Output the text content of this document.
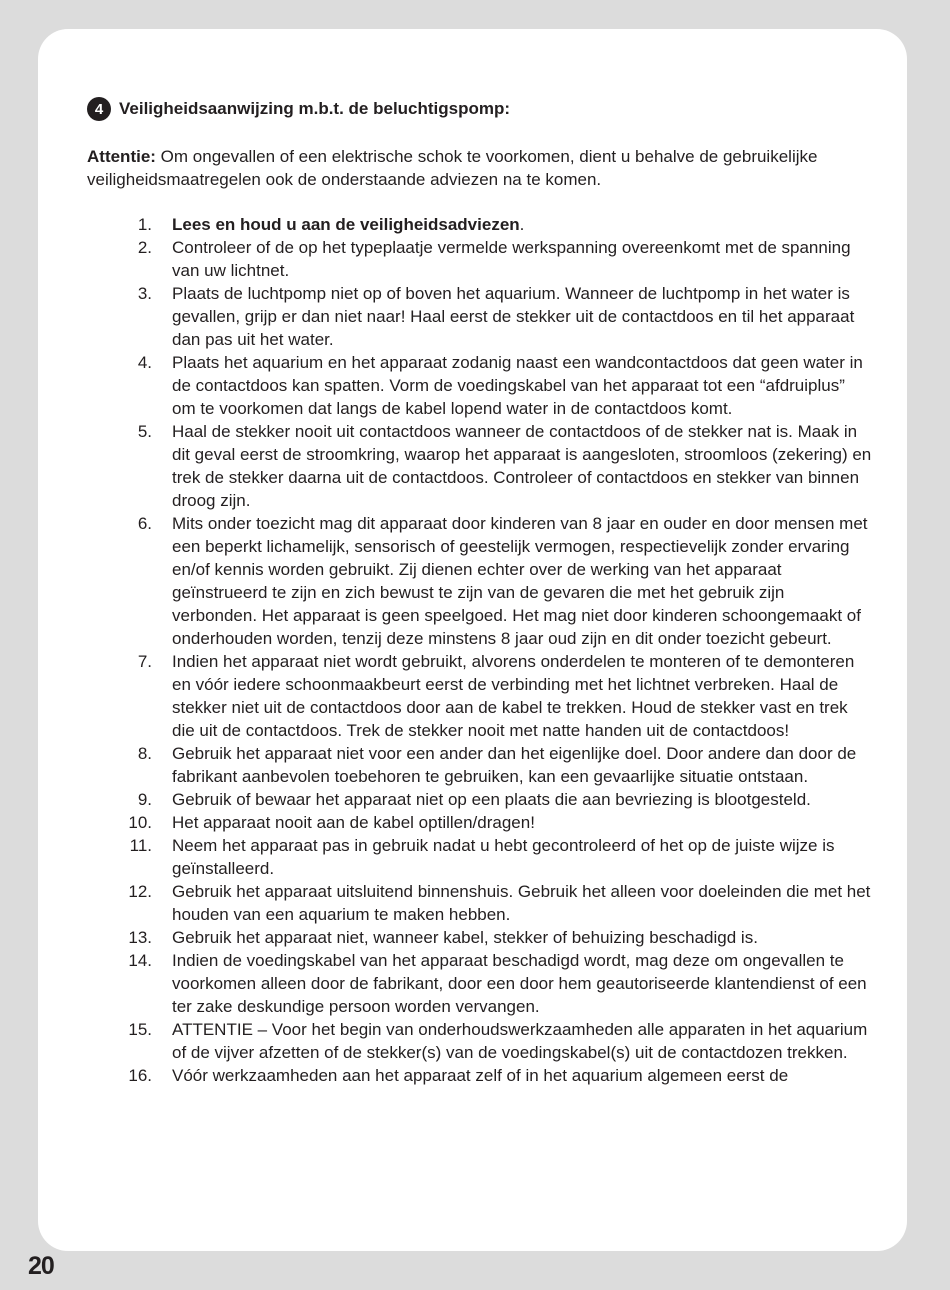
4 Veiligheidsaanwijzing m.b.t. de beluchtigspomp:
Attentie: Om ongevallen of een elektrische schok te voorkomen, dient u behalve de gebruikelijke veiligheidsmaatregelen ook de onderstaande adviezen na te komen.
1. Lees en houd u aan de veiligheidsadviezen.
2. Controleer of de op het typeplaatje vermelde werkspanning overeenkomt met de spanning van uw lichtnet.
3. Plaats de luchtpomp niet op of boven het aquarium. Wanneer de luchtpomp in het water is gevallen, grijp er dan niet naar! Haal eerst de stekker uit de contactdoos en til het apparaat dan pas uit het water.
4. Plaats het aquarium en het apparaat zodanig naast een wandcontactdoos dat geen water in de contactdoos kan spatten. Vorm de voedingskabel van het apparaat tot een “afdruiplus” om te voorkomen dat langs de kabel lopend water in de contactdoos komt.
5. Haal de stekker nooit uit contactdoos wanneer de contactdoos of de stekker nat is. Maak in dit geval eerst de stroomkring, waarop het apparaat is aangesloten, stroomloos (zekering) en trek de stekker daarna uit de contactdoos. Controleer of contactdoos en stekker van binnen droog zijn.
6. Mits onder toezicht mag dit apparaat door kinderen van 8 jaar en ouder en door mensen met een beperkt lichamelijk, sensorisch of geestelijk vermogen, respectievelijk zonder ervaring en/of kennis worden gebruikt. Zij dienen echter over de werking van het apparaat geïnstrueerd te zijn en zich bewust te zijn van de gevaren die met het gebruik zijn verbonden. Het apparaat is geen speelgoed. Het mag niet door kinderen schoongemaakt of onderhouden worden, tenzij deze minstens 8 jaar oud zijn en dit onder toezicht gebeurt.
7. Indien het apparaat niet wordt gebruikt, alvorens onderdelen te monteren of te demonteren en vóór iedere schoonmaakbeurt eerst de verbinding met het lichtnet verbreken. Haal de stekker niet uit de contactdoos door aan de kabel te trekken. Houd de stekker vast en trek die uit de contactdoos. Trek de stekker nooit met natte handen uit de contactdoos!
8. Gebruik het apparaat niet voor een ander dan het eigenlijke doel. Door andere dan door de fabrikant aanbevolen toebehoren te gebruiken, kan een gevaarlijke situatie ontstaan.
9. Gebruik of bewaar het apparaat niet op een plaats die aan bevriezing is blootgesteld.
10. Het apparaat nooit aan de kabel optillen/dragen!
11. Neem het apparaat pas in gebruik nadat u hebt gecontroleerd of het op de juiste wijze is geïnstalleerd.
12. Gebruik het apparaat uitsluitend binnenshuis. Gebruik het alleen voor doeleinden die met het houden van een aquarium te maken hebben.
13. Gebruik het apparaat niet, wanneer kabel, stekker of behuizing beschadigd is.
14. Indien de voedingskabel van het apparaat beschadigd wordt, mag deze om ongevallen te voorkomen alleen door de fabrikant, door een door hem geautoriseerde klantendienst of een ter zake deskundige persoon worden vervangen.
15. ATTENTIE – Voor het begin van onderhoudswerkzaamheden alle apparaten in het aquarium of de vijver afzetten of de stekker(s) van de voedingskabel(s) uit de contactdozen trekken.
16. Vóór werkzaamheden aan het apparaat zelf of in het aquarium algemeen eerst de
20
